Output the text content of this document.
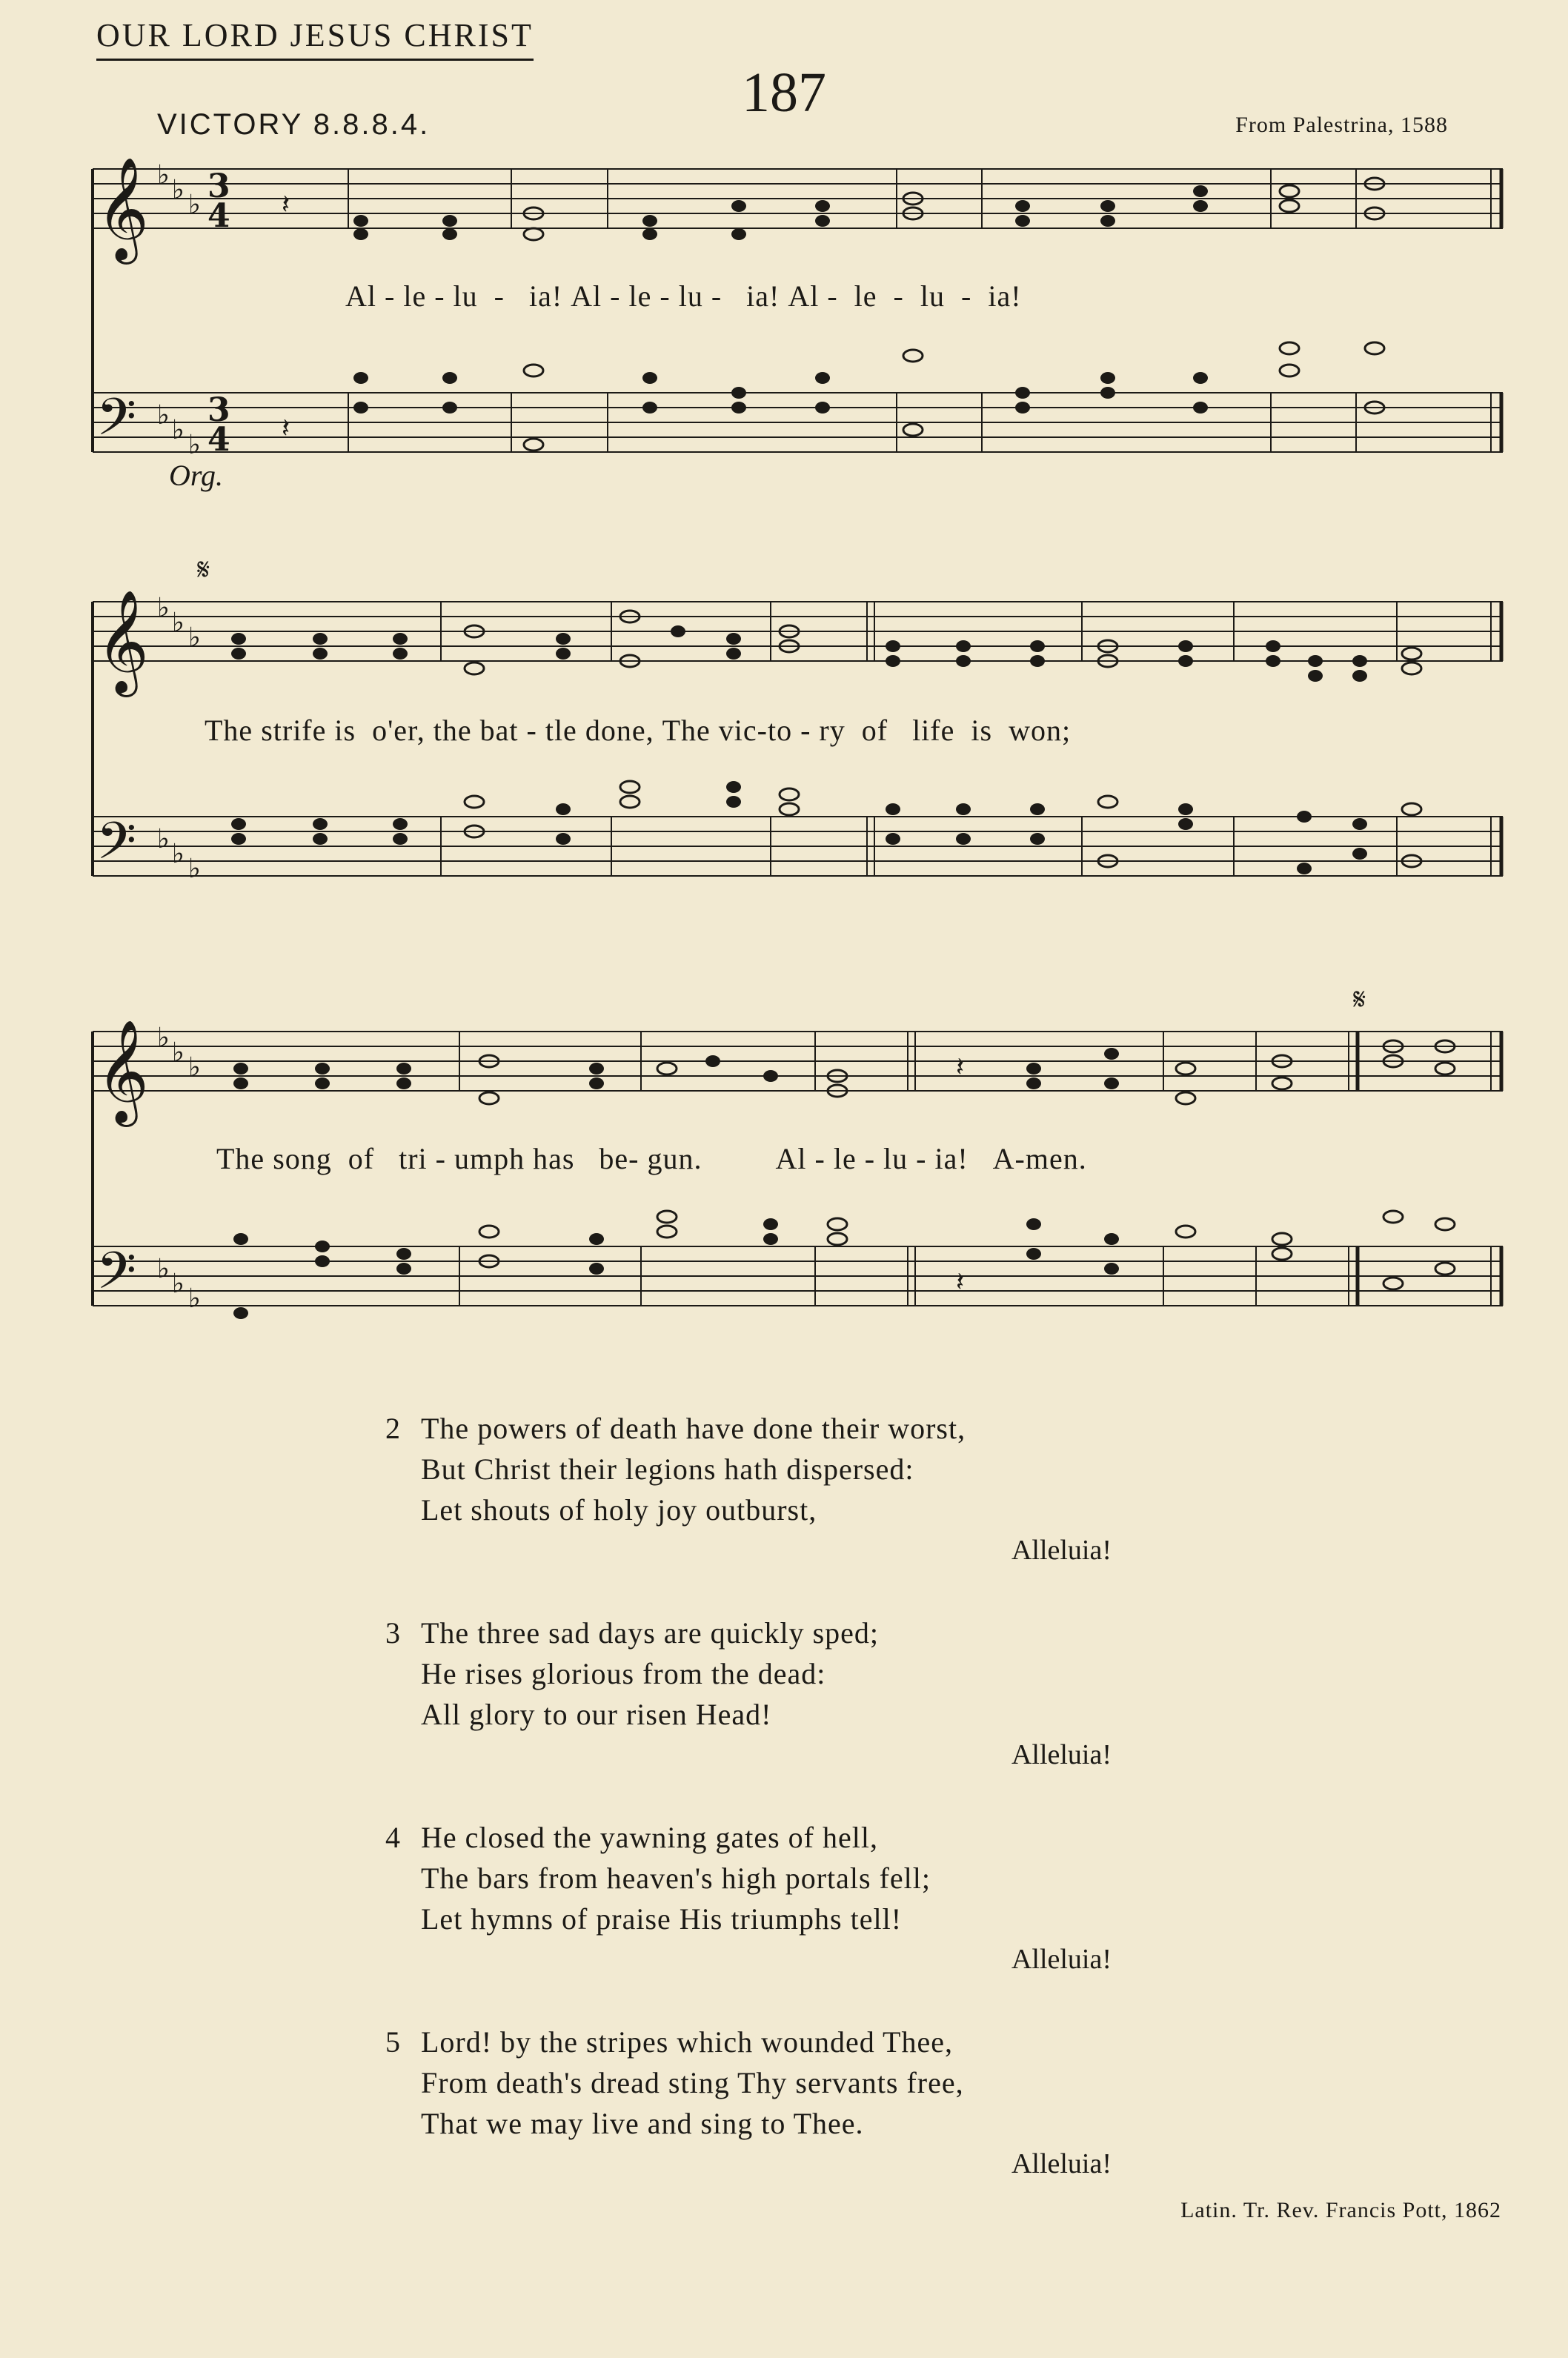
OUR LORD JESUS CHRIST
187
VICTORY 8.8.8.4.	From Palestrina, 1588
𝄞
𝄢
♭ ♭ ♭
♭ ♭ ♭
3
4
3
4
𝄽
𝄽
Org.
Al - le - lu - ia! Al - le - lu - ia! Al - le - lu - ia!
𝄞
𝄢
♭ ♭ ♭
♭ ♭ ♭
𝄋
The strife is o'er, the bat - tle done, The vic-to - ry of life is won;
𝄞
𝄢
♭ ♭ ♭
♭ ♭ ♭
𝄽
𝄽
𝄋
The song of tri - umph has be- gun. Al - le - lu - ia! A-men.
2 The powers of death have done their worst,
But Christ their legions hath dispersed:
Let shouts of holy joy outburst,
Alleluia!
3 The three sad days are quickly sped;
He rises glorious from the dead:
All glory to our risen Head!
Alleluia!
4 He closed the yawning gates of hell,
The bars from heaven's high portals fell;
Let hymns of praise His triumphs tell!
Alleluia!
5 Lord! by the stripes which wounded Thee,
From death's dread sting Thy servants free,
That we may live and sing to Thee.
Alleluia!
Latin. Tr. Rev. Francis Pott, 1862
